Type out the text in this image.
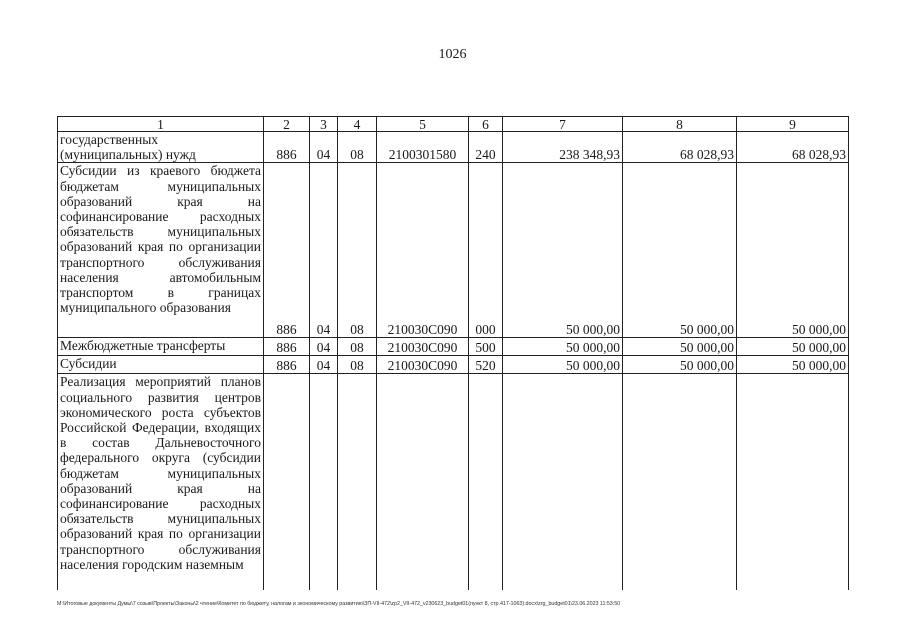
1026
1	2	3	4	5	6	7	8	9
государственных (муниципальных) нужд	886	04	08	2100301580	240	238 348,93	68 028,93	68 028,93
Субсидии из краевого бюджета бюджетам муниципальных образований края на софинансирование расходных обязательств муниципальных образований края по организации транспортного обслуживания населения автомобильным транспортом в границах муниципального образования	886	04	08	210030С090	000	50 000,00	50 000,00	50 000,00
Межбюджетные трансферты	886	04	08	210030С090	500	50 000,00	50 000,00	50 000,00
Субсидии	886	04	08	210030С090	520	50 000,00	50 000,00	50 000,00
Реализация мероприятий планов социального развития центров экономического роста субъектов Российской Федерации, входящих в состав Дальневосточного федерального округа (субсидии бюджетам муниципальных образований края на софинансирование расходных обязательств муниципальных образований края по организации транспортного обслуживания населения городским наземным								
М:\Итоговые документы Думы\7 созыв\Проекты\Законы\2 чтение\Комитет по бюджету, налогам и экономическому развитию\ЗП-VII-472\zp2_VII-472_v230623_budget01(пункт 8, стр.417-1063).docx\zrg_budget01\23.06.2023 11:53:50
